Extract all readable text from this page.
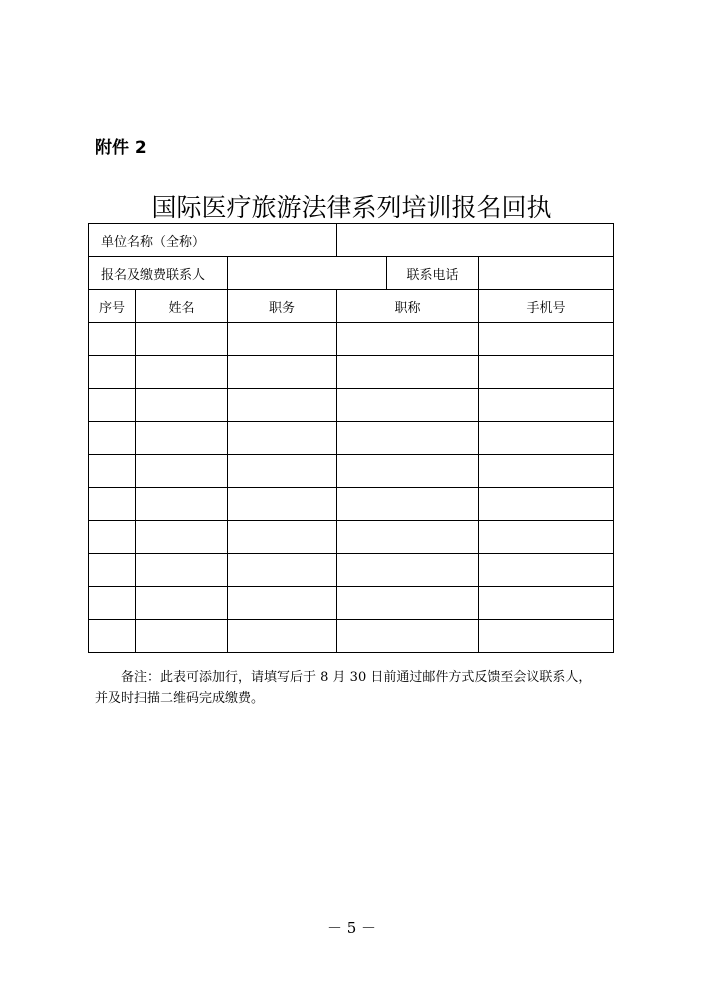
附件 2
国际医疗旅游法律系列培训报名回执
单位名称（全称）					
报名及缴费联系人				联系电话	
序号	姓名	职务	职称		手机号

备注：此表可添加行，请填写后于 8 月 30 日前通过邮件方式反馈至会议联系人，
并及时扫描二维码完成缴费。
－ 5 －
